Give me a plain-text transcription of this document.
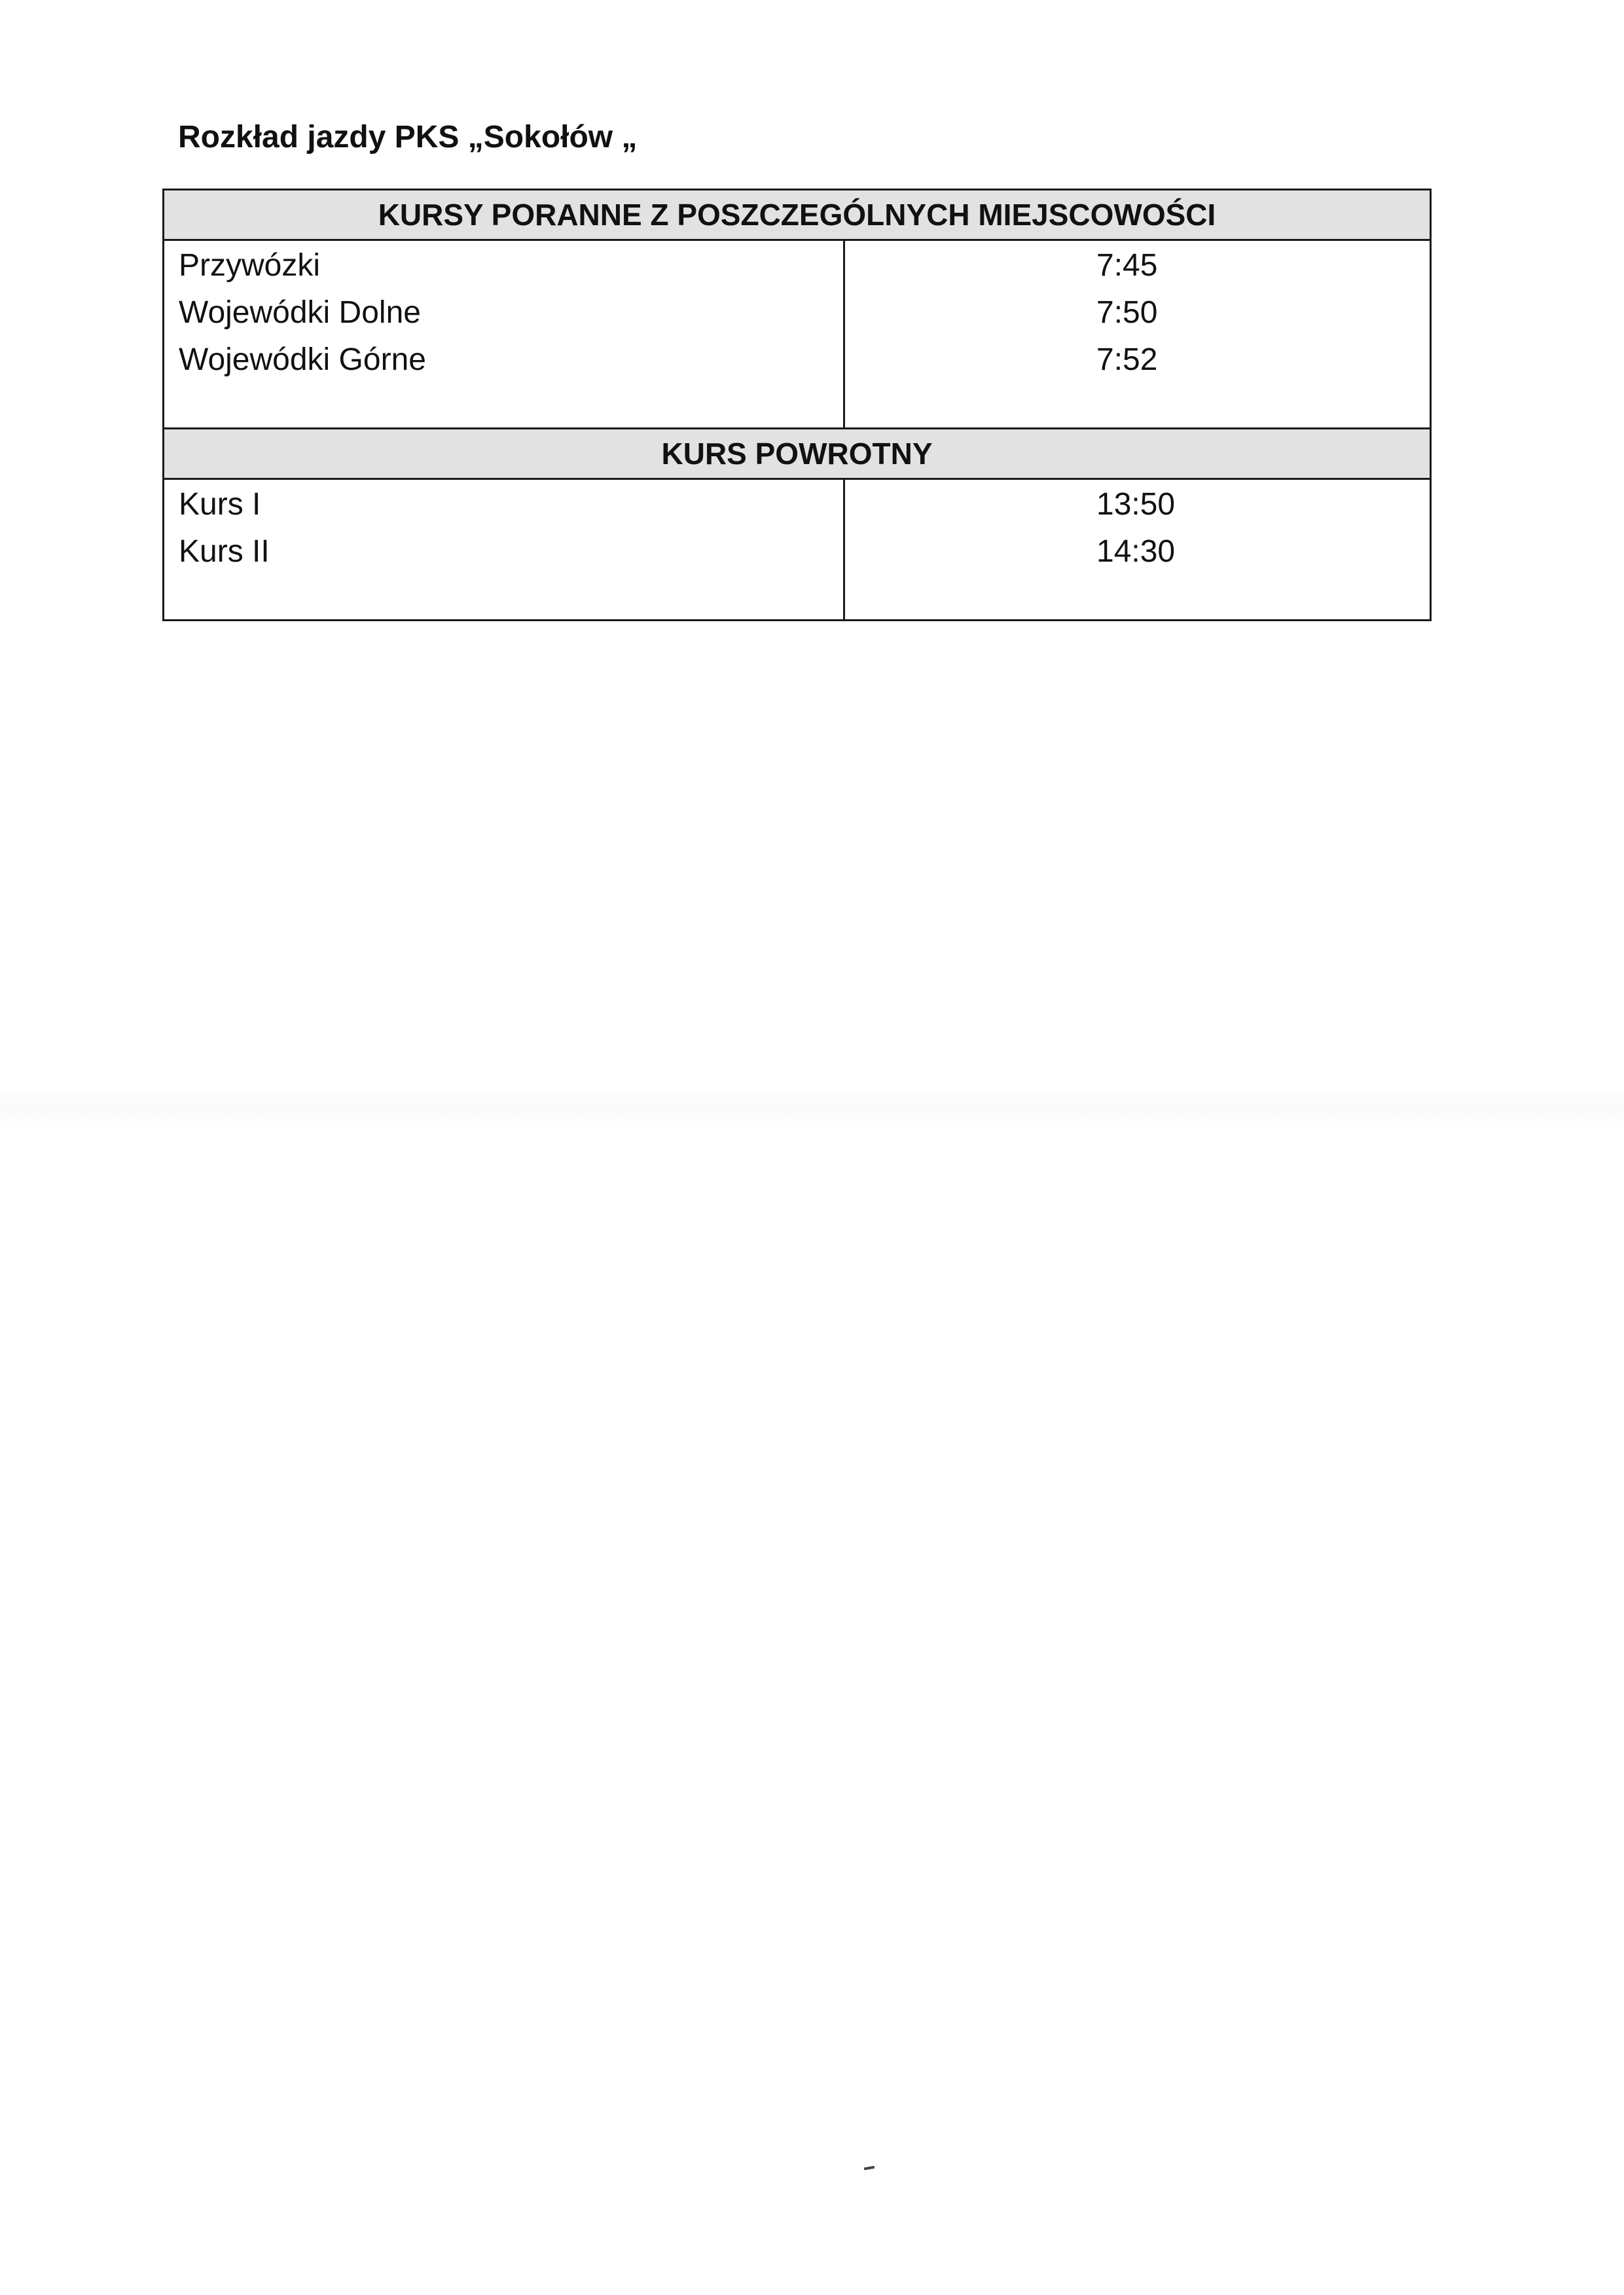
Rozkład jazdy PKS „Sokołów „
KURSY PORANNE Z POSZCZEGÓLNYCH MIEJSCOWOŚCI
Przywózki
Wojewódki Dolne
Wojewódki Górne
7:45
7:50
7:52
KURS POWROTNY
Kurs I
Kurs II
13:50
14:30
